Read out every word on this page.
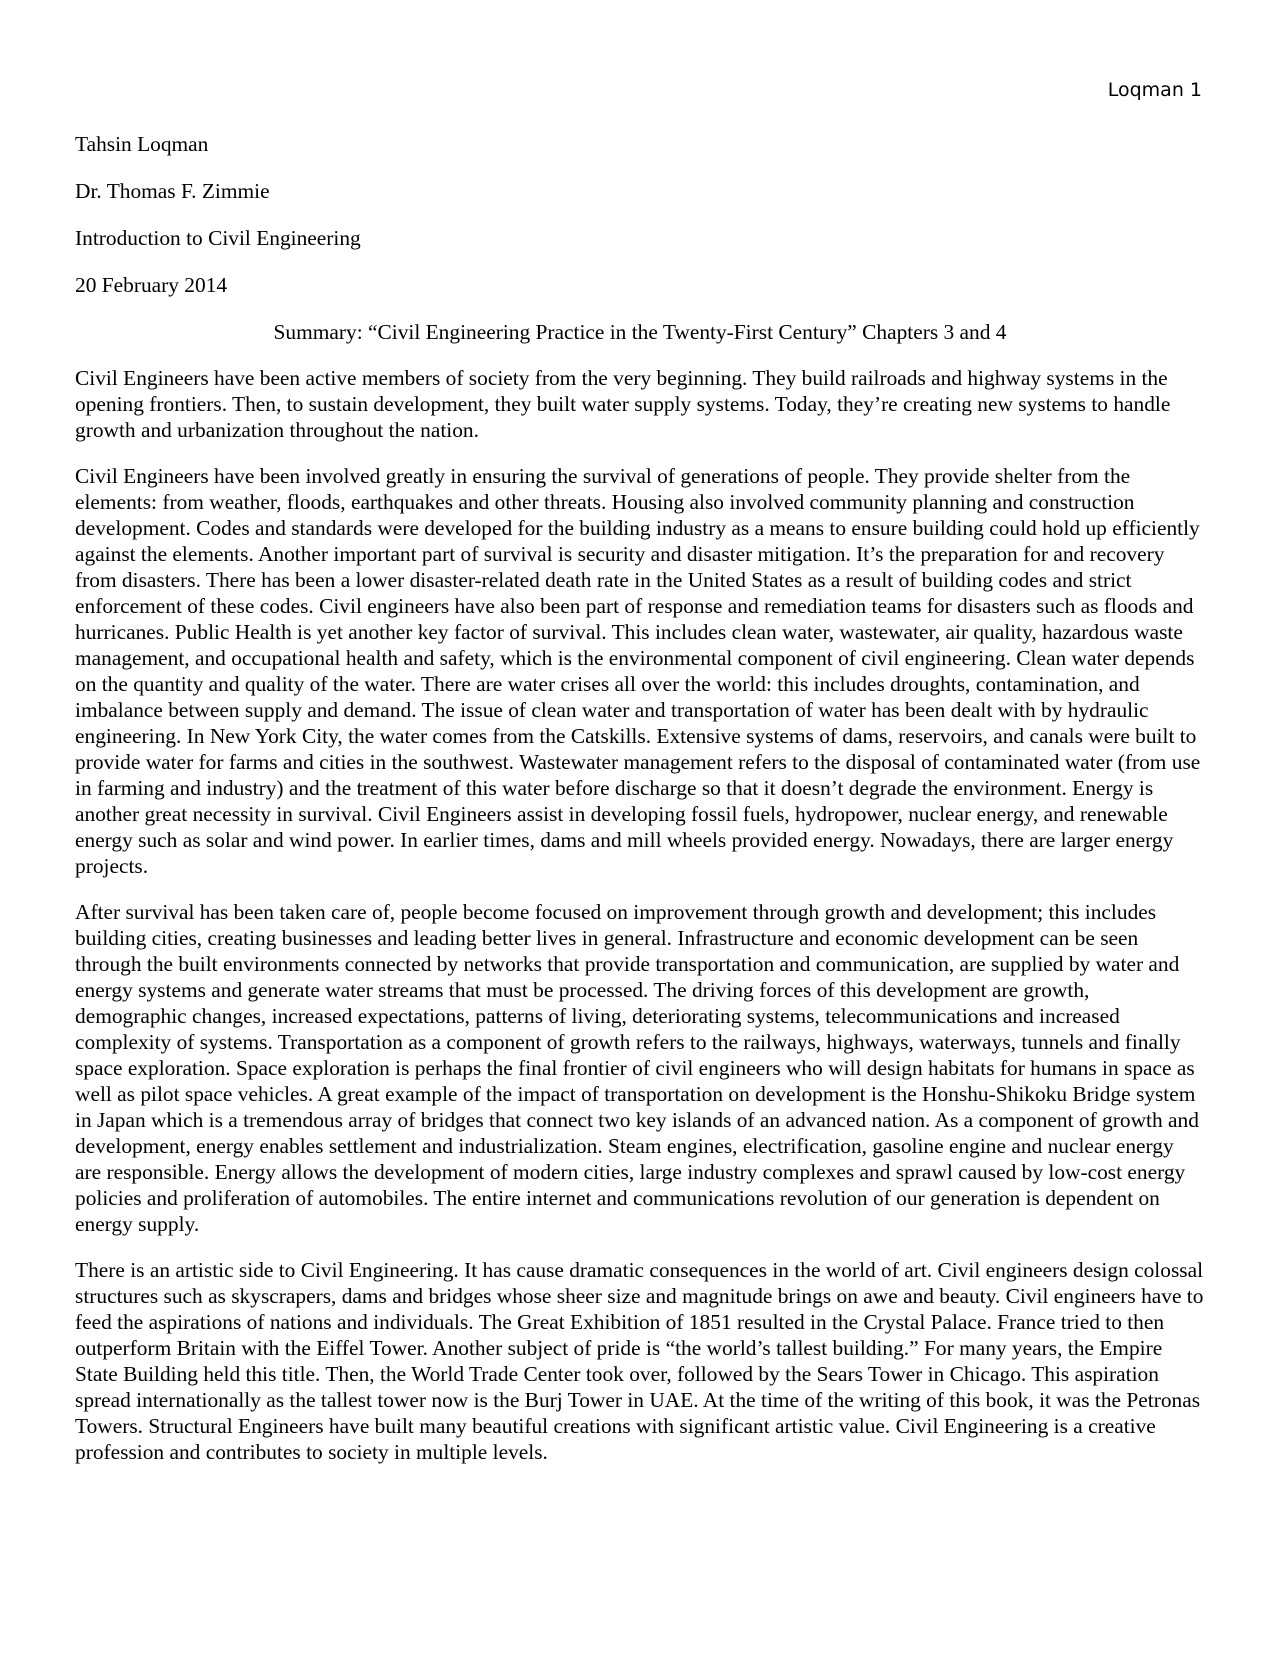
Loqman 1
Tahsin Loqman
Dr. Thomas F. Zimmie
Introduction to Civil Engineering
20 February 2014
Summary: “Civil Engineering Practice in the Twenty-First Century” Chapters 3 and 4

Civil Engineers have been active members of society from the very beginning. They build railroads and highway systems in the opening frontiers. Then, to sustain development, they built water supply systems. Today, they’re creating new systems to handle growth and urbanization throughout the nation.

Civil Engineers have been involved greatly in ensuring the survival of generations of people. They provide shelter from the elements: from weather, floods, earthquakes and other threats. Housing also involved community planning and construction development. Codes and standards were developed for the building industry as a means to ensure building could hold up efficiently against the elements. Another important part of survival is security and disaster mitigation. It’s the preparation for and recovery from disasters. There has been a lower disaster-related death rate in the United States as a result of building codes and strict enforcement of these codes. Civil engineers have also been part of response and remediation teams for disasters such as floods and hurricanes. Public Health is yet another key factor of survival. This includes clean water, wastewater, air quality, hazardous waste management, and occupational health and safety, which is the environmental component of civil engineering. Clean water depends on the quantity and quality of the water. There are water crises all over the world: this includes droughts, contamination, and imbalance between supply and demand. The issue of clean water and transportation of water has been dealt with by hydraulic engineering. In New York City, the water comes from the Catskills. Extensive systems of dams, reservoirs, and canals were built to provide water for farms and cities in the southwest. Wastewater management refers to the disposal of contaminated water (from use in farming and industry) and the treatment of this water before discharge so that it doesn’t degrade the environment. Energy is another great necessity in survival. Civil Engineers assist in developing fossil fuels, hydropower, nuclear energy, and renewable energy such as solar and wind power. In earlier times, dams and mill wheels provided energy. Nowadays, there are larger energy projects.

After survival has been taken care of, people become focused on improvement through growth and development; this includes building cities, creating businesses and leading better lives in general. Infrastructure and economic development can be seen through the built environments connected by networks that provide transportation and communication, are supplied by water and energy systems and generate water streams that must be processed. The driving forces of this development are growth, demographic changes, increased expectations, patterns of living, deteriorating systems, telecommunications and increased complexity of systems. Transportation as a component of growth refers to the railways, highways, waterways, tunnels and finally space exploration. Space exploration is perhaps the final frontier of civil engineers who will design habitats for humans in space as well as pilot space vehicles. A great example of the impact of transportation on development is the Honshu-Shikoku Bridge system in Japan which is a tremendous array of bridges that connect two key islands of an advanced nation. As a component of growth and development, energy enables settlement and industrialization. Steam engines, electrification, gasoline engine and nuclear energy are responsible. Energy allows the development of modern cities, large industry complexes and sprawl caused by low-cost energy policies and proliferation of automobiles. The entire internet and communications revolution of our generation is dependent on energy supply.

There is an artistic side to Civil Engineering. It has cause dramatic consequences in the world of art. Civil engineers design colossal structures such as skyscrapers, dams and bridges whose sheer size and magnitude brings on awe and beauty. Civil engineers have to feed the aspirations of nations and individuals. The Great Exhibition of 1851 resulted in the Crystal Palace. France tried to then outperform Britain with the Eiffel Tower. Another subject of pride is “the world’s tallest building.” For many years, the Empire State Building held this title. Then, the World Trade Center took over, followed by the Sears Tower in Chicago. This aspiration spread internationally as the tallest tower now is the Burj Tower in UAE. At the time of the writing of this book, it was the Petronas Towers. Structural Engineers have built many beautiful creations with significant artistic value. Civil Engineering is a creative profession and contributes to society in multiple levels.
